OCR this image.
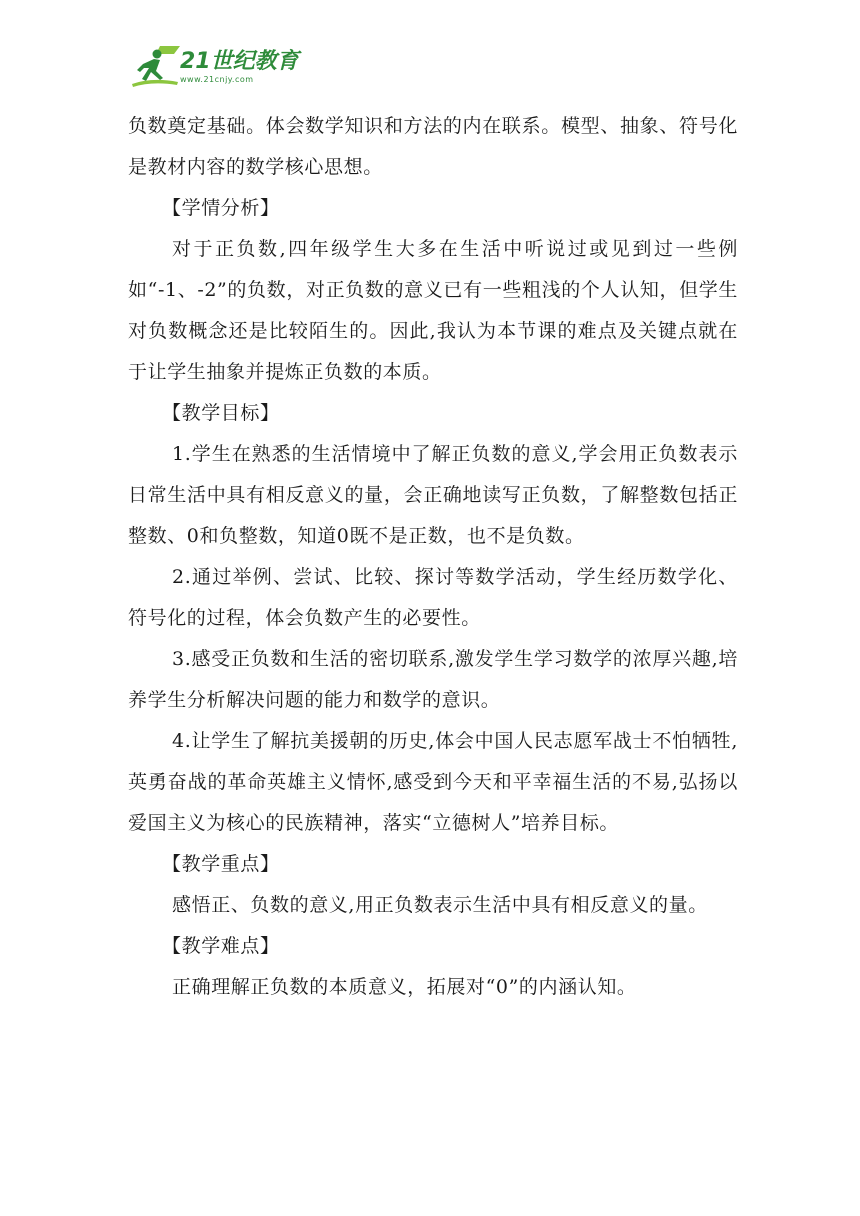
21世纪教育
www.21cnjy.com

负数奠定基础。体会数学知识和方法的内在联系。模型、抽象、符号化是教材内容的数学核心思想。

【学情分析】

对于正负数,四年级学生大多在生活中听说过或见到过一些例如“-1、-2”的负数，对正负数的意义已有一些粗浅的个人认知，但学生对负数概念还是比较陌生的。因此,我认为本节课的难点及关键点就在于让学生抽象并提炼正负数的本质。

【教学目标】

1.学生在熟悉的生活情境中了解正负数的意义,学会用正负数表示日常生活中具有相反意义的量，会正确地读写正负数，了解整数包括正整数、0和负整数，知道0既不是正数，也不是负数。

2.通过举例、尝试、比较、探讨等数学活动，学生经历数学化、符号化的过程，体会负数产生的必要性。

3.感受正负数和生活的密切联系,激发学生学习数学的浓厚兴趣,培养学生分析解决问题的能力和数学的意识。

4.让学生了解抗美援朝的历史,体会中国人民志愿军战士不怕牺牲,英勇奋战的革命英雄主义情怀,感受到今天和平幸福生活的不易,弘扬以爱国主义为核心的民族精神，落实“立德树人”培养目标。

【教学重点】

感悟正、负数的意义,用正负数表示生活中具有相反意义的量。

【教学难点】

正确理解正负数的本质意义，拓展对“0”的内涵认知。
